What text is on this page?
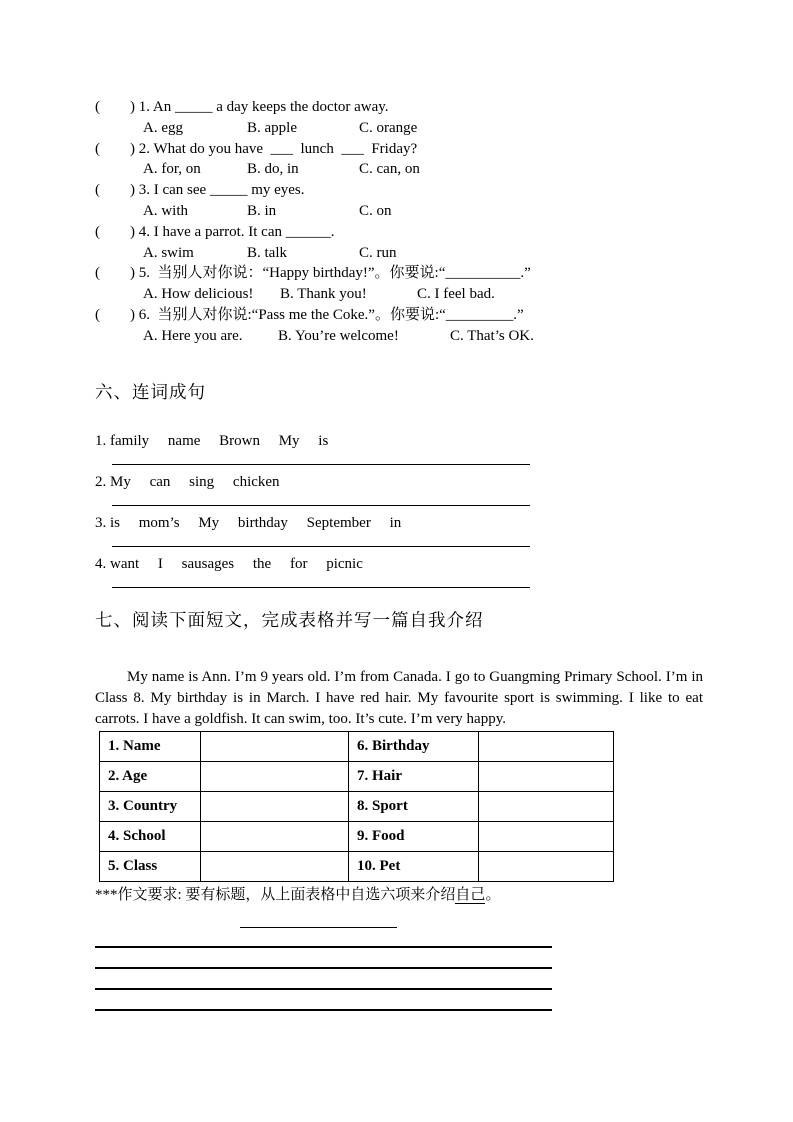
(        ) 1. An _____ a day keeps the doctor away.
A. egg	B. apple	C. orange
(        ) 2. What do you have  ___  lunch  ___  Friday?
A. for, on	B. do, in	C. can, on
(        ) 3. I can see _____ my eyes.
A. with	B. in	C. on
(        ) 4. I have a parrot. It can ______.
A. swim	B. talk	C. run
(        ) 5.  当别人对你说：“Happy birthday!”。你要说:“__________.”
A. How delicious!	B. Thank you!	C. I feel bad.
(        ) 6.  当别人对你说:“Pass me the Coke.”。你要说:“_________.”
A. Here you are.	B. You’re welcome!	C. That’s OK.
六、连词成句
1. family     name     Brown     My     is
2. My     can     sing     chicken
3. is     mom’s     My     birthday     September     in
4. want     I     sausages     the     for     picnic
七、阅读下面短文，完成表格并写一篇自我介绍
My name is Ann. I’m 9 years old. I’m from Canada. I go to Guangming Primary School. I’m in Class 8. My birthday is in March. I have red hair. My favourite sport is swimming. I like to eat carrots. I have a goldfish. It can swim, too. It’s cute. I’m very happy.
1. Name		6. Birthday	
2. Age		7. Hair	
3. Country		8. Sport	
4. School		9. Food	
5. Class		10. Pet	
***作文要求: 要有标题，从上面表格中自选六项来介绍自己。
